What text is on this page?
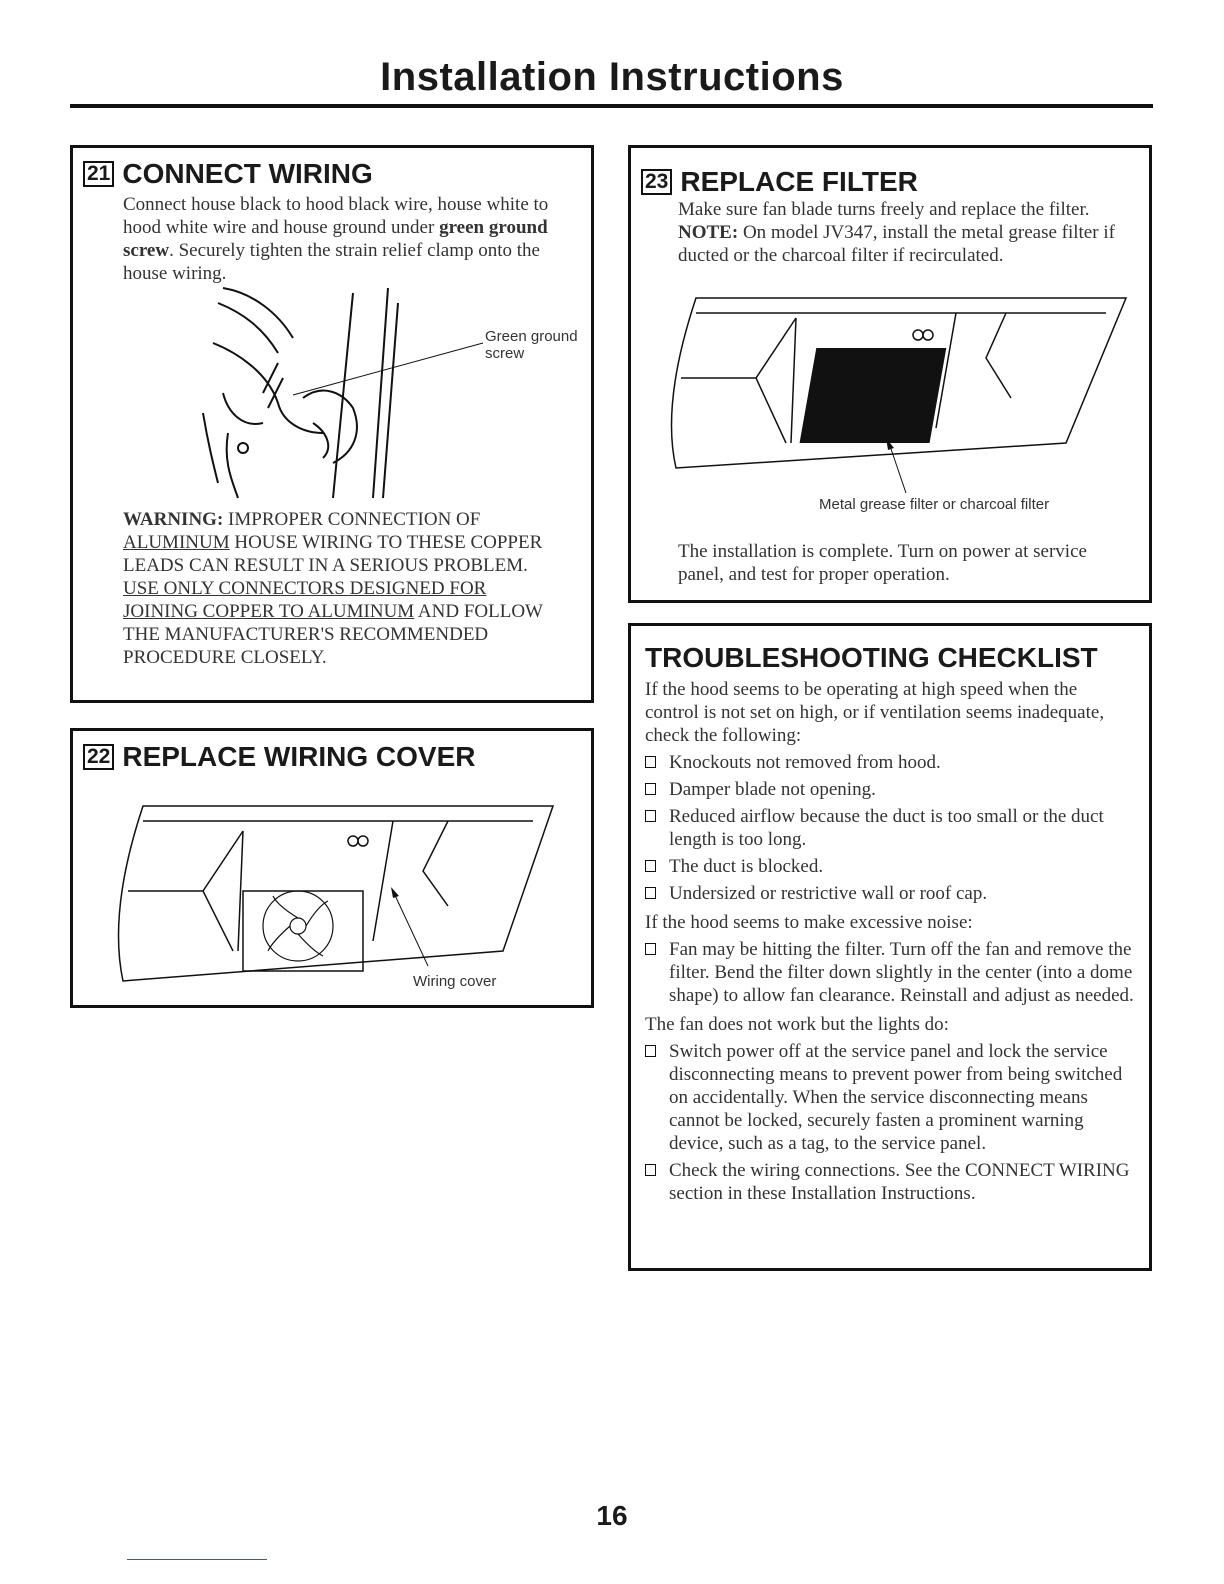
Installation Instructions
21 CONNECT WIRING

Connect house black to hood black wire, house white to hood white wire and house ground under green ground screw. Securely tighten the strain relief clamp onto the house wiring.

Green ground screw

WARNING: IMPROPER CONNECTION OF ALUMINUM HOUSE WIRING TO THESE COPPER LEADS CAN RESULT IN A SERIOUS PROBLEM. USE ONLY CONNECTORS DESIGNED FOR JOINING COPPER TO ALUMINUM AND FOLLOW THE MANUFACTURER'S RECOMMENDED PROCEDURE CLOSELY.

22 REPLACE WIRING COVER
Wiring cover
23 REPLACE FILTER

Make sure fan blade turns freely and replace the filter. NOTE: On model JV347, install the metal grease filter if ducted or the charcoal filter if recirculated.

Metal grease filter or charcoal filter

The installation is complete. Turn on power at service panel, and test for proper operation.

TROUBLESHOOTING CHECKLIST

If the hood seems to be operating at high speed when the control is not set on high, or if ventilation seems inadequate, check the following:

Knockouts not removed from hood.
Damper blade not opening.
Reduced airflow because the duct is too small or the duct length is too long.
The duct is blocked.
Undersized or restrictive wall or roof cap.

If the hood seems to make excessive noise:

Fan may be hitting the filter. Turn off the fan and remove the filter. Bend the filter down slightly in the center (into a dome shape) to allow fan clearance. Reinstall and adjust as needed.

The fan does not work but the lights do:

Switch power off at the service panel and lock the service disconnecting means to prevent power from being switched on accidentally. When the service disconnecting means cannot be locked, securely fasten a prominent warning device, such as a tag, to the service panel.
Check the wiring connections. See the CONNECT WIRING section in these Installation Instructions.
16
